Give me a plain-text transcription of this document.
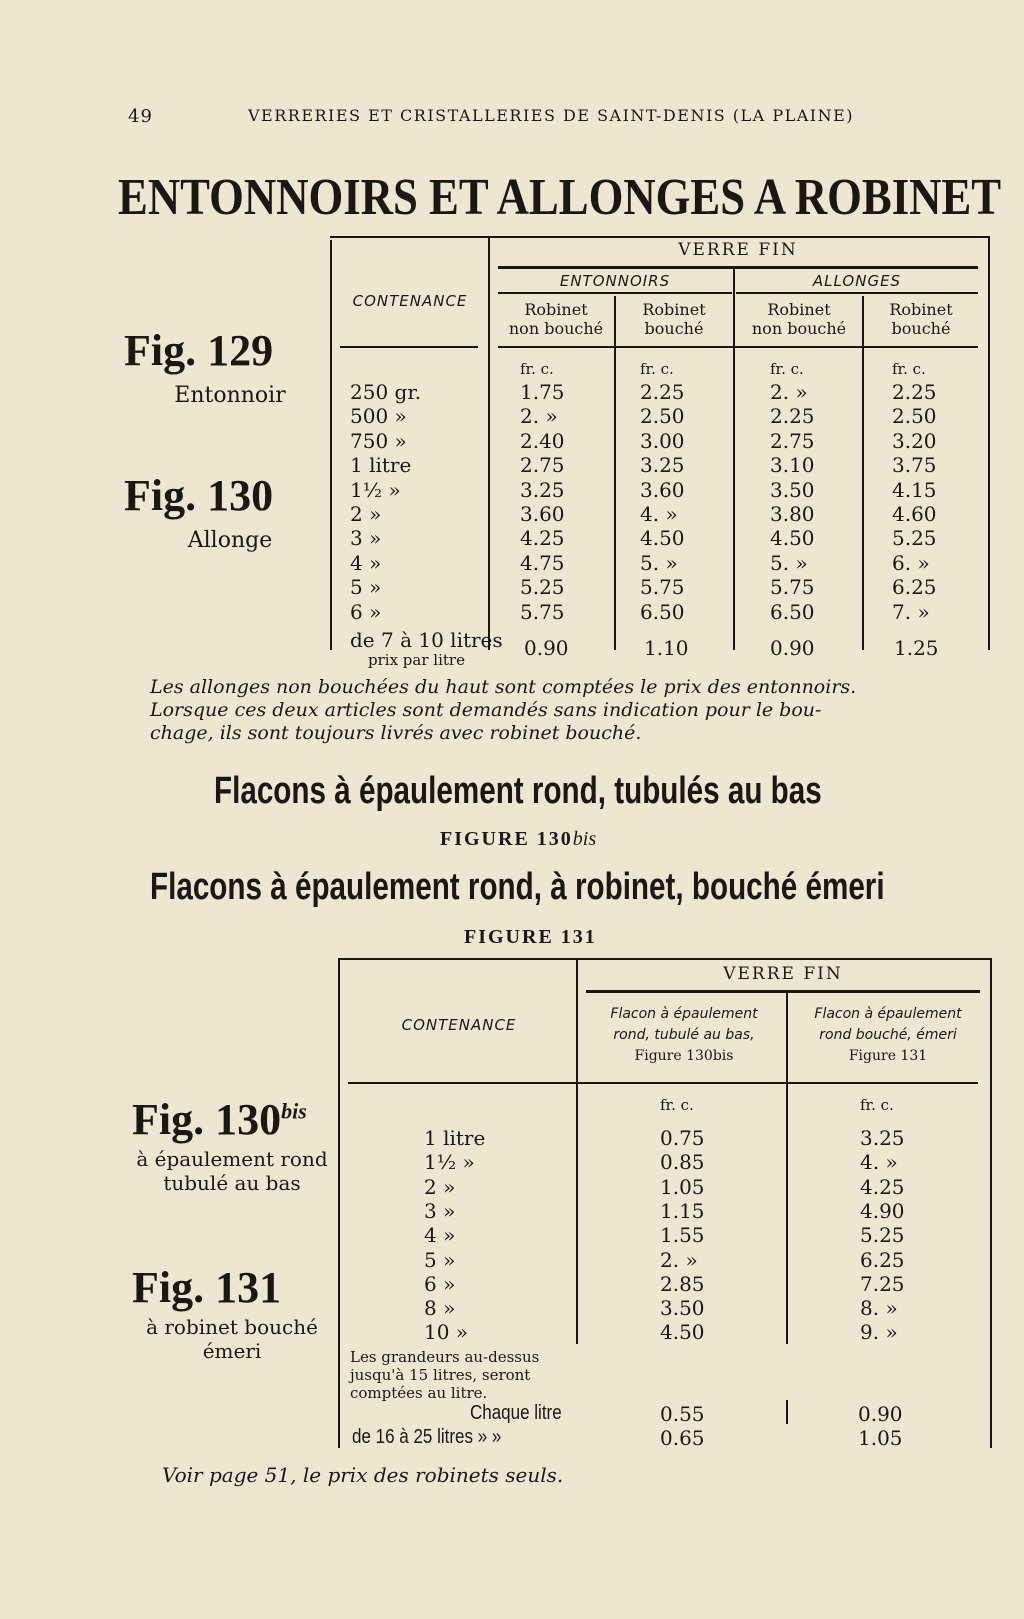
49	VERRERIES ET CRISTALLERIES DE SAINT-DENIS (LA PLAINE)
ENTONNOIRS ET ALLONGES A ROBINET
Fig. 129
Entonnoir
Fig. 130
Allonge
CONTENANCE
VERRE FIN
ENTONNOIRS	ALLONGES
Robinet
non bouché
Robinet
bouché
Robinet
non bouché
Robinet
bouché
fr. c.	fr. c.	fr. c.	fr. c.
250 gr.	1.75	2.25	2. »	2.25
500 »	2. »	2.50	2.25	2.50
750 »	2.40	3.00	2.75	3.20
1 litre	2.75	3.25	3.10	3.75
1½ »	3.25	3.60	3.50	4.15
2 »	3.60	4. »	3.80	4.60
3 »	4.25	4.50	4.50	5.25
4 »	4.75	5. »	5. »	6. »
5 »	5.25	5.75	5.75	6.25
6 »	5.75	6.50	6.50	7. »
de 7 à 10 litres
prix par litre	0.90	1.10	0.90	1.25
Les allonges non bouchées du haut sont comptées le prix des entonnoirs.
Lorsque ces deux articles sont demandés sans indication pour le bou-
chage, ils sont toujours livrés avec robinet bouché.
Flacons à épaulement rond, tubulés au bas
FIGURE 130bis
Flacons à épaulement rond, à robinet, bouché émeri
FIGURE 131
Fig. $130^{bis}$
à épaulement rond
tubulé au bas
Fig. 131
à robinet bouché
émeri
CONTENANCE
VERRE FIN
Flacon à épaulement
rond, tubulé au bas,
Figure 130bis
Flacon à épaulement
rond bouché, émeri
Figure 131
fr. c.	fr. c.
1 litre	0.75	3.25
1½ »	0.85	4. »
2 »	1.05	4.25
3 »	1.15	4.90
4 »	1.55	5.25
5 »	2. »	6.25
6 »	2.85	7.25
8 »	3.50	8. »
10 »	4.50	9. »
Les grandeurs au-dessus
jusqu'à 15 litres, seront
comptées au litre.
Chaque litre	0.55	0.90
de 16 à 25 litres » »	0.65	1.05
Voir page 51, le prix des robinets seuls.
